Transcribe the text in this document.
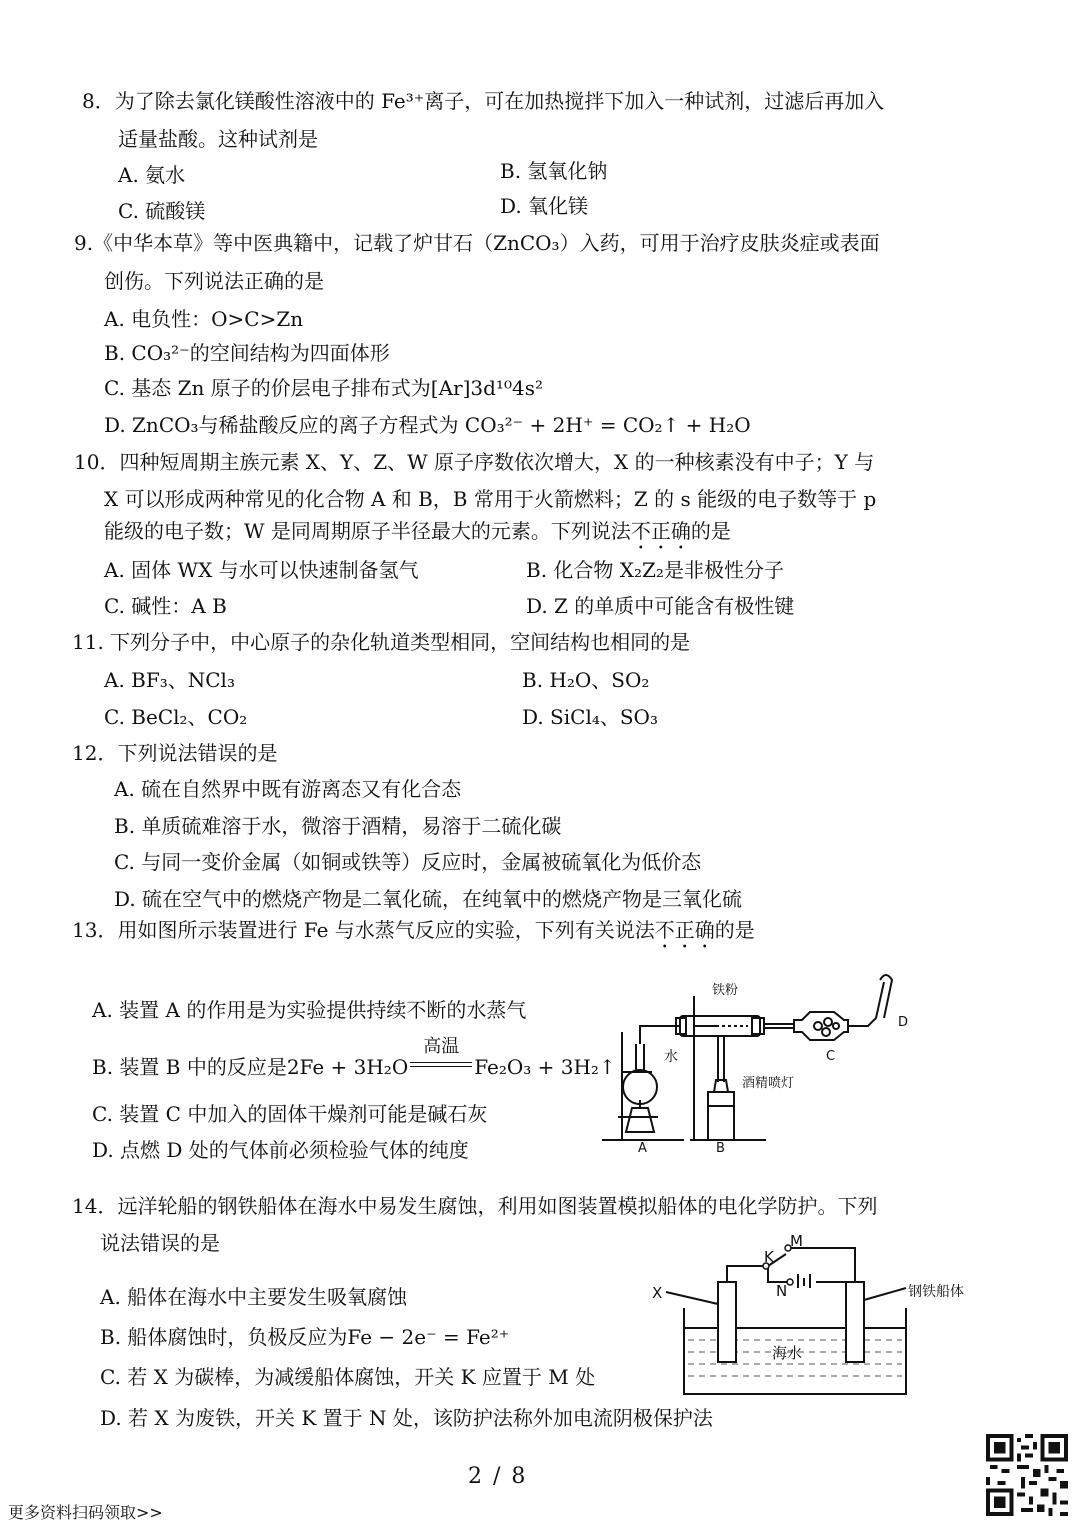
8．为了除去氯化镁酸性溶液中的 Fe³⁺离子，可在加热搅拌下加入一种试剂，过滤后再加入
适量盐酸。这种试剂是
A. 氨水	B. 氢氧化钠
C. 硫酸镁	D. 氧化镁
9.《中华本草》等中医典籍中，记载了炉甘石（ZnCO₃）入药，可用于治疗皮肤炎症或表面
创伤。下列说法正确的是
A. 电负性：O>C>Zn
B. CO₃²⁻的空间结构为四面体形
C. 基态 Zn 原子的价层电子排布式为[Ar]3d¹⁰4s²
D. ZnCO₃与稀盐酸反应的离子方程式为 CO₃²⁻ + 2H⁺ = CO₂↑ + H₂O
10．四种短周期主族元素 X、Y、Z、W 原子序数依次增大，X 的一种核素没有中子；Y 与
X 可以形成两种常见的化合物 A 和 B，B 常用于火箭燃料；Z 的 s 能级的电子数等于 p
能级的电子数；W 是同周期原子半径最大的元素。下列说法不正确的是
A. 固体 WX 与水可以快速制备氢气	B. 化合物 X₂Z₂是非极性分子
C. 碱性：A B	D. Z 的单质中可能含有极性键
11. 下列分子中，中心原子的杂化轨道类型相同，空间结构也相同的是
A. BF₃、NCl₃	B. H₂O、SO₂
C. BeCl₂、CO₂	D. SiCl₄、SO₃
12．下列说法错误的是
A. 硫在自然界中既有游离态又有化合态
B. 单质硫难溶于水，微溶于酒精，易溶于二硫化碳
C. 与同一变价金属（如铜或铁等）反应时，金属被硫氧化为低价态
D. 硫在空气中的燃烧产物是二氧化硫，在纯氧中的燃烧产物是三氧化硫
13．用如图所示装置进行 Fe 与水蒸气反应的实验，下列有关说法不正确的是
A. 装置 A 的作用是为实验提供持续不断的水蒸气
B. 装置 B 中的反应是2Fe + 3H₂O
高温
Fe₂O₃ + 3H₂↑
C. 装置 C 中加入的固体干燥剂可能是碱石灰
D. 点燃 D 处的气体前必须检验气体的纯度
铁粉
水
酒精喷灯
A	B
C
D
14．远洋轮船的钢铁船体在海水中易发生腐蚀，利用如图装置模拟船体的电化学防护。下列
说法错误的是
A. 船体在海水中主要发生吸氧腐蚀
B. 船体腐蚀时，负极反应为Fe − 2e⁻ = Fe²⁺
C. 若 X 为碳棒，为减缓船体腐蚀，开关 K 应置于 M 处
D. 若 X 为废铁，开关 K 置于 N 处，该防护法称外加电流阴极保护法
K
M
N
X	钢铁船体
海水
2 / 8
更多资料扫码领取>>
